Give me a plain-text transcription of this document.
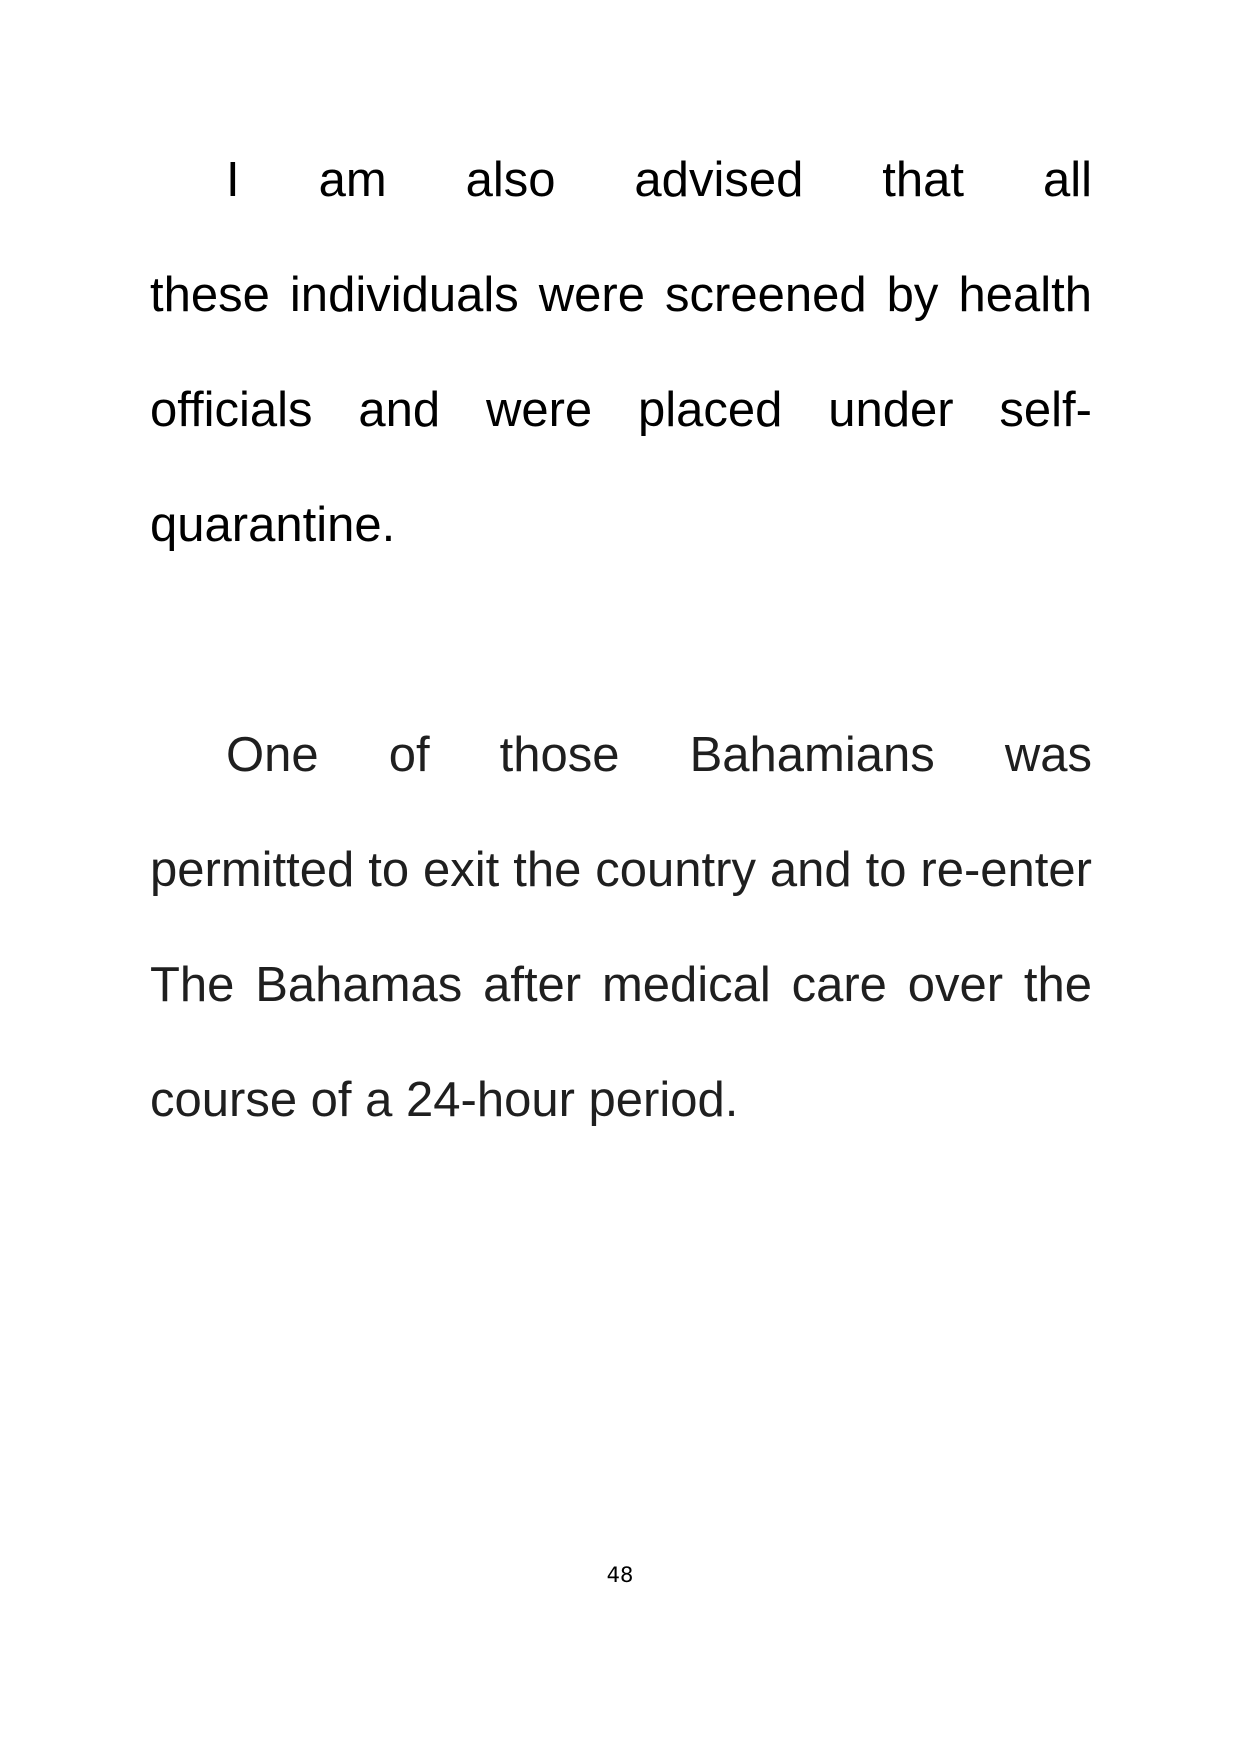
I am also advised that all
these individuals were screened by health
officials and were placed under self-
quarantine.
One of those Bahamians was
permitted to exit the country and to re-enter
The Bahamas after medical care over the
course of a 24-hour period.
48
